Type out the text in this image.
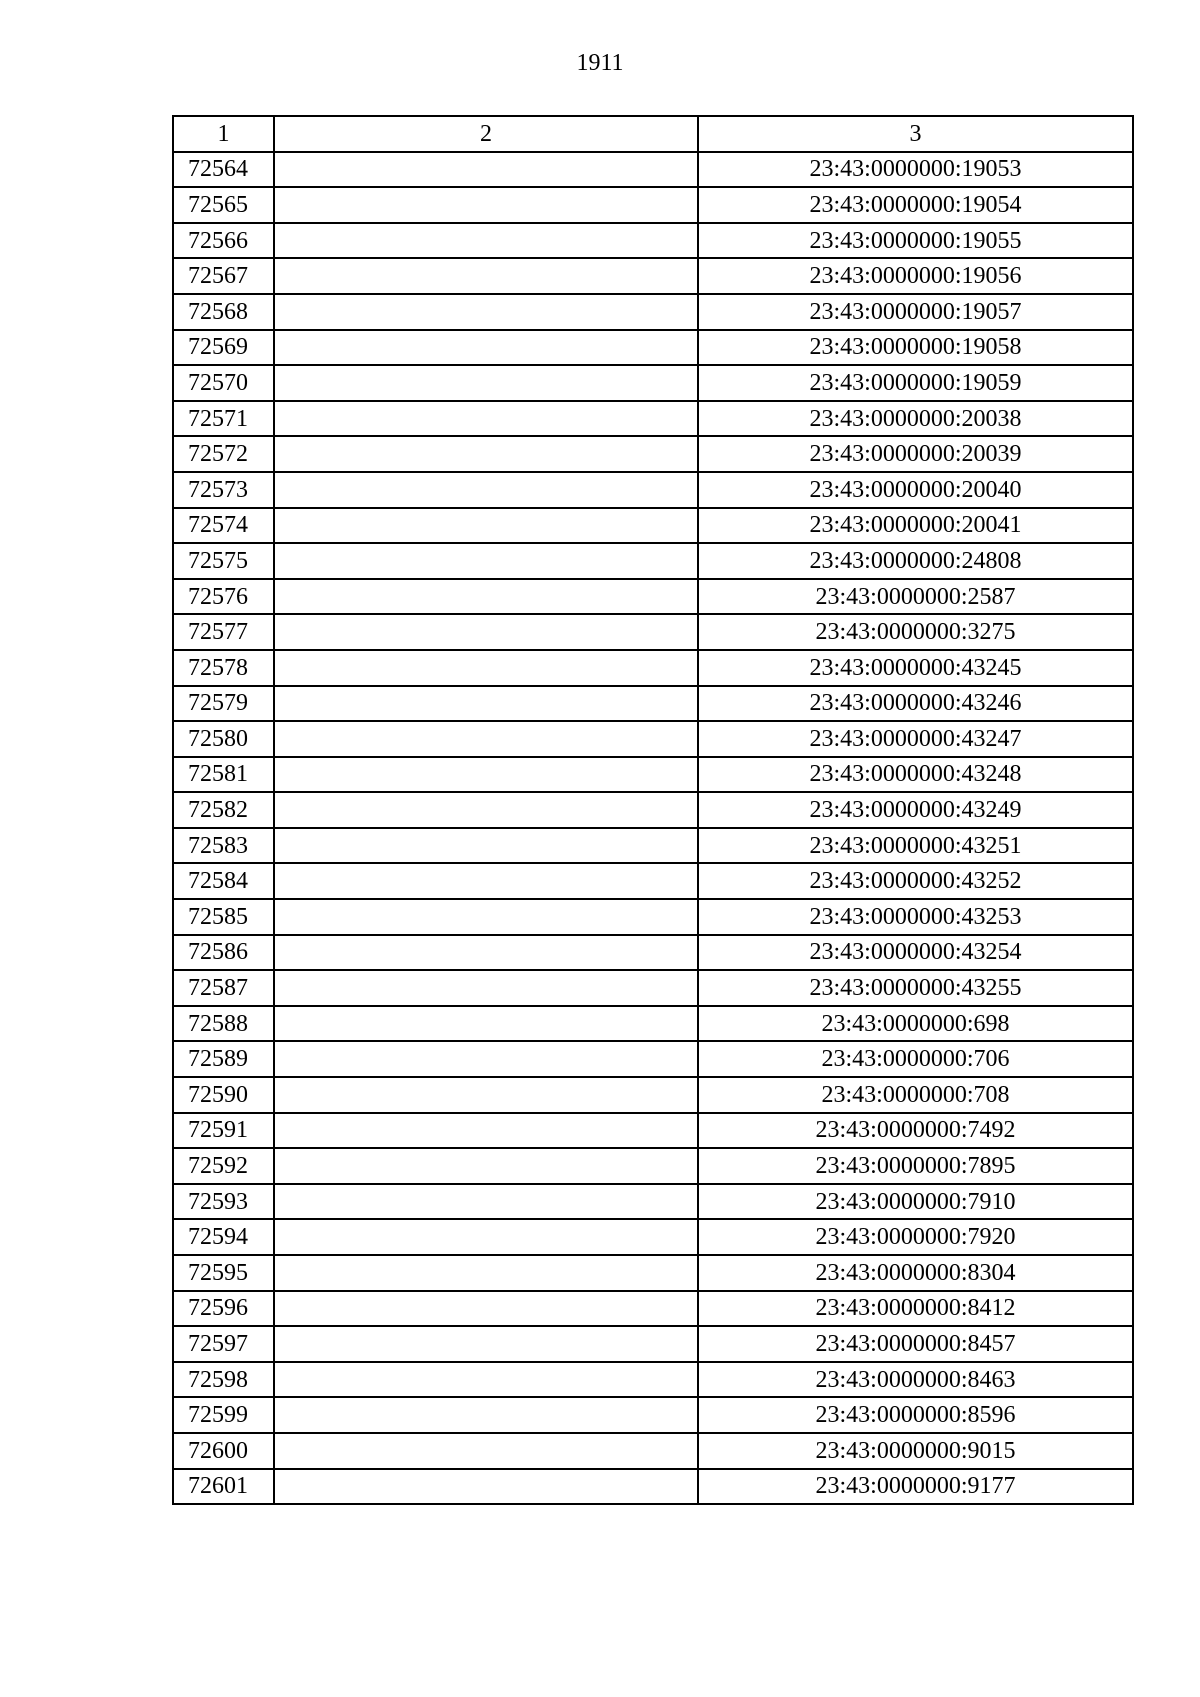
1911
1	2	3
72564		23:43:0000000:19053
72565		23:43:0000000:19054
72566		23:43:0000000:19055
72567		23:43:0000000:19056
72568		23:43:0000000:19057
72569		23:43:0000000:19058
72570		23:43:0000000:19059
72571		23:43:0000000:20038
72572		23:43:0000000:20039
72573		23:43:0000000:20040
72574		23:43:0000000:20041
72575		23:43:0000000:24808
72576		23:43:0000000:2587
72577		23:43:0000000:3275
72578		23:43:0000000:43245
72579		23:43:0000000:43246
72580		23:43:0000000:43247
72581		23:43:0000000:43248
72582		23:43:0000000:43249
72583		23:43:0000000:43251
72584		23:43:0000000:43252
72585		23:43:0000000:43253
72586		23:43:0000000:43254
72587		23:43:0000000:43255
72588		23:43:0000000:698
72589		23:43:0000000:706
72590		23:43:0000000:708
72591		23:43:0000000:7492
72592		23:43:0000000:7895
72593		23:43:0000000:7910
72594		23:43:0000000:7920
72595		23:43:0000000:8304
72596		23:43:0000000:8412
72597		23:43:0000000:8457
72598		23:43:0000000:8463
72599		23:43:0000000:8596
72600		23:43:0000000:9015
72601		23:43:0000000:9177
